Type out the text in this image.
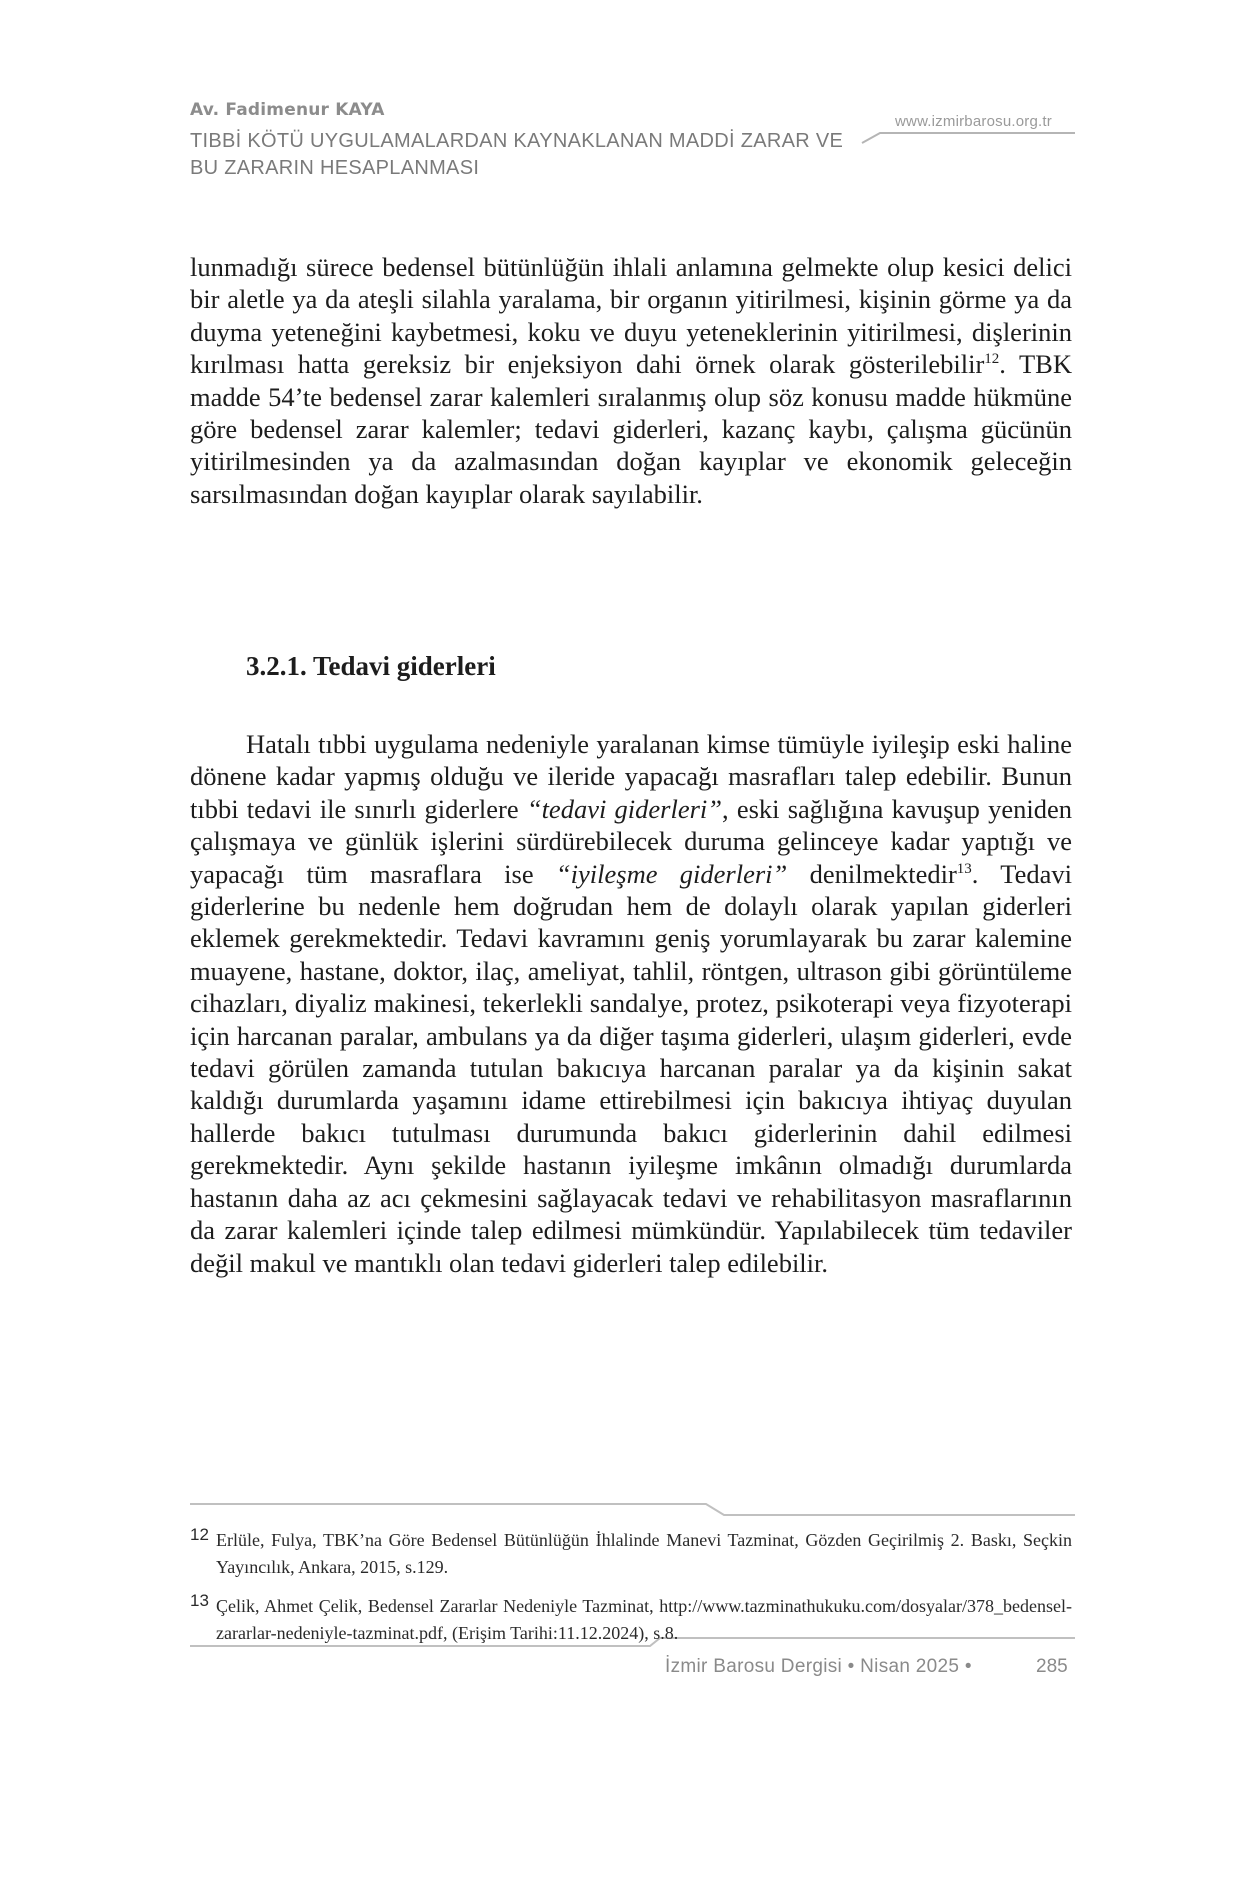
Av. Fadimenur KAYA
TIBBİ KÖTÜ UYGULAMALARDAN KAYNAKLANAN MADDİ ZARAR VE
BU ZARARIN HESAPLANMASI
www.izmirbarosu.org.tr

lunmadığı sürece bedensel bütünlüğün ihlali anlamına gelmekte olup kesici delici bir aletle ya da ateşli silahla yaralama, bir organın yitirilmesi, kişinin görme ya da duyma yeteneğini kaybetmesi, koku ve duyu yeteneklerinin yitirilmesi, dişlerinin kırılması hatta gereksiz bir enjeksiyon dahi örnek olarak gösterilebilir$^{12}$. TBK madde 54’te bedensel zarar kalemleri sıralanmış olup söz konusu madde hükmüne göre bedensel zarar kalemler; tedavi giderleri, kazanç kaybı, çalışma gücünün yitirilmesinden ya da azalmasından doğan kayıplar ve ekonomik geleceğin sarsılmasından doğan kayıplar olarak sayılabilir.

3.2.1. Tedavi giderleri

Hatalı tıbbi uygulama nedeniyle yaralanan kimse tümüyle iyileşip eski haline dönene kadar yapmış olduğu ve ileride yapacağı masrafları talep edebilir. Bunun tıbbi tedavi ile sınırlı giderlere “tedavi giderleri”, eski sağlığına kavuşup yeniden çalışmaya ve günlük işlerini sürdürebilecek duruma gelinceye kadar yaptığı ve yapacağı tüm masraflara ise “iyileşme giderleri” denilmektedir$^{13}$. Tedavi giderlerine bu nedenle hem doğrudan hem de dolaylı olarak yapılan giderleri eklemek gerekmektedir. Tedavi kavramını geniş yorumlayarak bu zarar kalemine muayene, hastane, doktor, ilaç, ameliyat, tahlil, röntgen, ultrason gibi görüntüleme cihazları, diyaliz makinesi, tekerlekli sandalye, protez, psikoterapi veya fizyoterapi için harcanan paralar, ambulans ya da diğer taşıma giderleri, ulaşım giderleri, evde tedavi görülen zamanda tutulan bakıcıya harcanan paralar ya da kişinin sakat kaldığı durumlarda yaşamını idame ettirebilmesi için bakıcıya ihtiyaç duyulan hallerde bakıcı tutulması durumunda bakıcı giderlerinin dahil edilmesi gerekmektedir. Aynı şekilde hastanın iyileşme imkânın olmadığı durumlarda hastanın daha az acı çekmesini sağlayacak tedavi ve rehabilitasyon masraflarının da zarar kalemleri içinde talep edilmesi mümkündür. Yapılabilecek tüm tedaviler değil makul ve mantıklı olan tedavi giderleri talep edilebilir.

12 Erlüle, Fulya, TBK’na Göre Bedensel Bütünlüğün İhlalinde Manevi Tazminat, Gözden Geçirilmiş 2. Baskı, Seçkin Yayıncılık, Ankara, 2015, s.129.
13 Çelik, Ahmet Çelik, Bedensel Zararlar Nedeniyle Tazminat, http://www.tazminathukuku.com/dosyalar/378_bedensel-zararlar-nedeniyle-tazminat.pdf, (Erişim Tarihi:11.12.2024), s.8.
İzmir Barosu Dergisi • Nisan 2025 •	285
